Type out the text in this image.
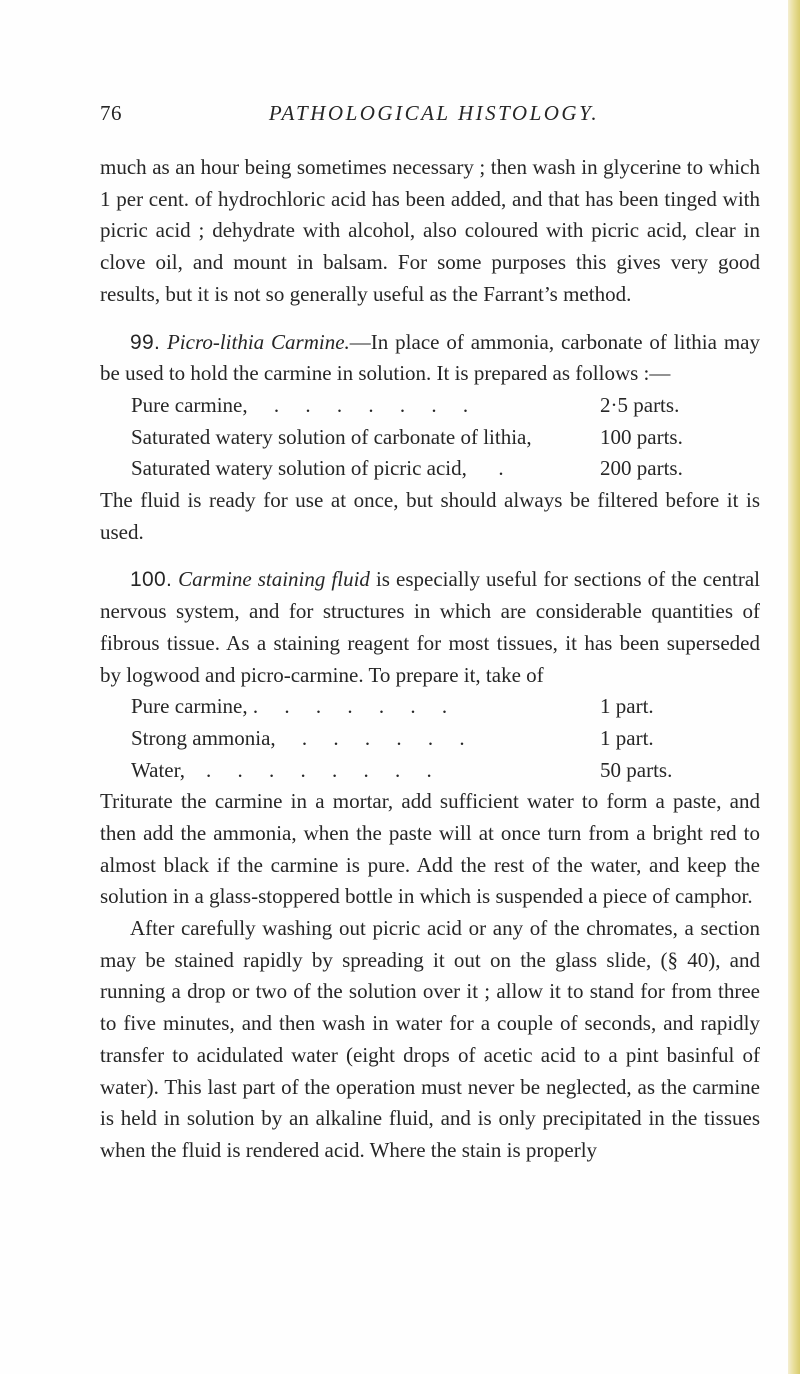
76	PATHOLOGICAL HISTOLOGY.

much as an hour being sometimes necessary ; then wash in glycerine to which 1 per cent. of hydrochloric acid has been added, and that has been tinged with picric acid ; dehydrate with alcohol, also coloured with picric acid, clear in clove oil, and mount in balsam. For some purposes this gives very good results, but it is not so generally useful as the Farrant’s method.

99. Picro-lithia Carmine.—In place of ammonia, carbonate of lithia may be used to hold the carmine in solution. It is prepared as follows :—

Pure carmine,     .     .     .     .     .     .     .	2·5 parts.
Saturated watery solution of carbonate of lithia,	100 parts.
Saturated watery solution of picric acid,      .	200 parts.

The fluid is ready for use at once, but should always be filtered before it is used.

100. Carmine staining fluid is especially useful for sections of the central nervous system, and for structures in which are considerable quantities of fibrous tissue. As a staining reagent for most tissues, it has been superseded by logwood and picro-carmine. To prepare it, take of

Pure carmine, .     .     .     .     .     .     .	1 part.
Strong ammonia,     .     .     .     .     .     .	1 part.
Water,    .     .     .     .     .     .     .     .	50 parts.

Triturate the carmine in a mortar, add sufficient water to form a paste, and then add the ammonia, when the paste will at once turn from a bright red to almost black if the carmine is pure. Add the rest of the water, and keep the solution in a glass-stoppered bottle in which is suspended a piece of camphor.

After carefully washing out picric acid or any of the chromates, a section may be stained rapidly by spreading it out on the glass slide, (§ 40), and running a drop or two of the solution over it ; allow it to stand for from three to five minutes, and then wash in water for a couple of seconds, and rapidly transfer to acidulated water (eight drops of acetic acid to a pint basinful of water). This last part of the operation must never be neglected, as the carmine is held in solution by an alkaline fluid, and is only precipitated in the tissues when the fluid is rendered acid. Where the stain is properly
